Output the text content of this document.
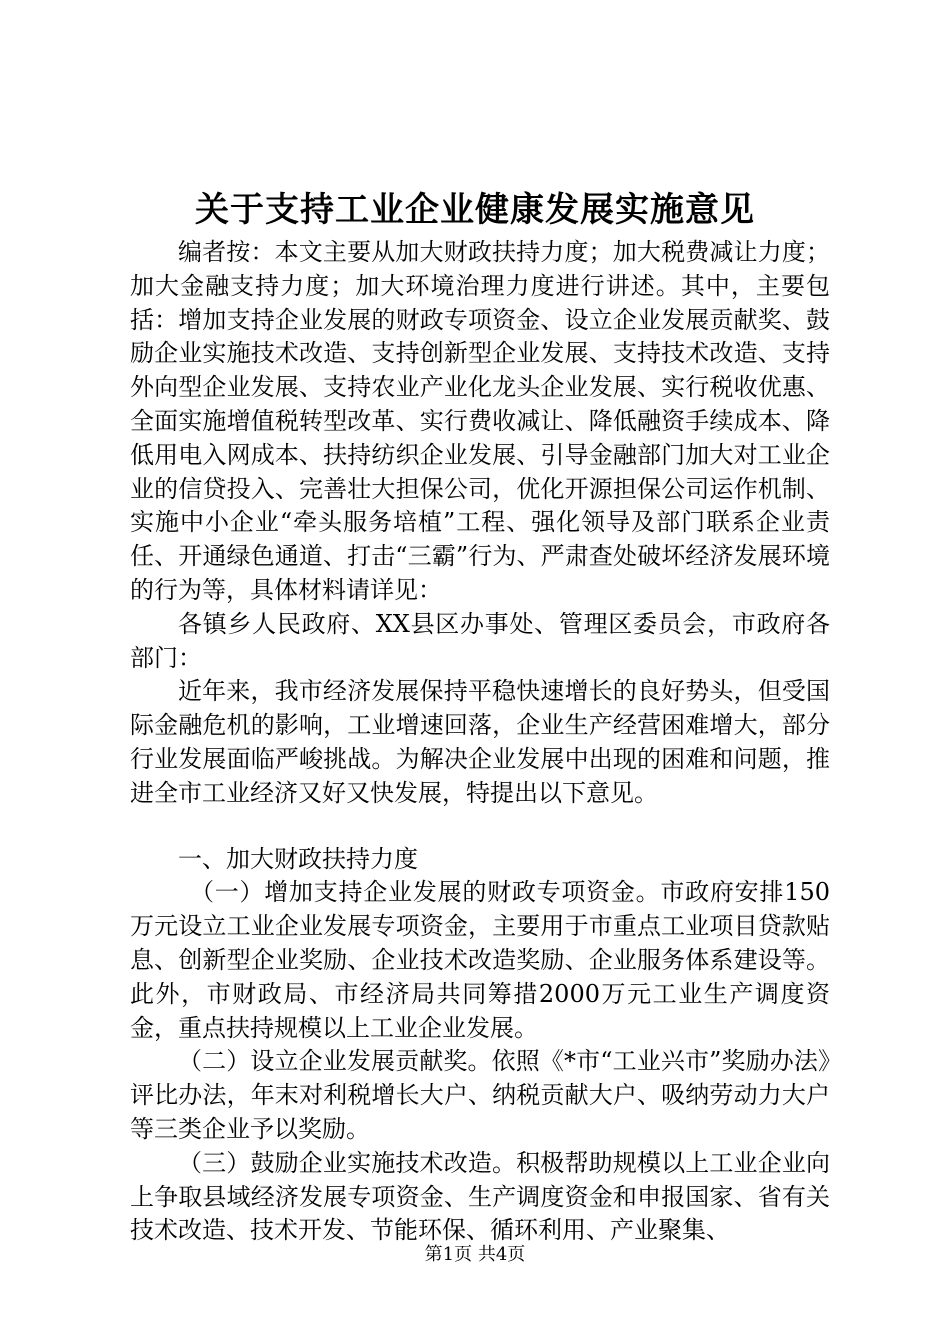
关于支持工业企业健康发展实施意见

编者按：本文主要从加大财政扶持力度；加大税费减让力度；加大金融支持力度；加大环境治理力度进行讲述。其中，主要包括：增加支持企业发展的财政专项资金、设立企业发展贡献奖、鼓励企业实施技术改造、支持创新型企业发展、支持技术改造、支持外向型企业发展、支持农业产业化龙头企业发展、实行税收优惠、全面实施增值税转型改革、实行费收减让、降低融资手续成本、降低用电入网成本、扶持纺织企业发展、引导金融部门加大对工业企业的信贷投入、完善壮大担保公司，优化开源担保公司运作机制、实施中小企业“牵头服务培植”工程、强化领导及部门联系企业责任、开通绿色通道、打击“三霸”行为、严肃查处破坏经济发展环境的行为等，具体材料请详见：

各镇乡人民政府、XX县区办事处、管理区委员会，市政府各部门：

近年来，我市经济发展保持平稳快速增长的良好势头，但受国际金融危机的影响，工业增速回落，企业生产经营困难增大，部分行业发展面临严峻挑战。为解决企业发展中出现的困难和问题，推进全市工业经济又好又快发展，特提出以下意见。

一、加大财政扶持力度

（一）增加支持企业发展的财政专项资金。市政府安排150万元设立工业企业发展专项资金，主要用于市重点工业项目贷款贴息、创新型企业奖励、企业技术改造奖励、企业服务体系建设等。此外，市财政局、市经济局共同筹措2000万元工业生产调度资金，重点扶持规模以上工业企业发展。

（二）设立企业发展贡献奖。依照《*市“工业兴市”奖励办法》评比办法，年末对利税增长大户、纳税贡献大户、吸纳劳动力大户等三类企业予以奖励。

（三）鼓励企业实施技术改造。积极帮助规模以上工业企业向上争取县域经济发展专项资金、生产调度资金和申报国家、省有关技术改造、技术开发、节能环保、循环利用、产业聚集、

第1页 共4页
